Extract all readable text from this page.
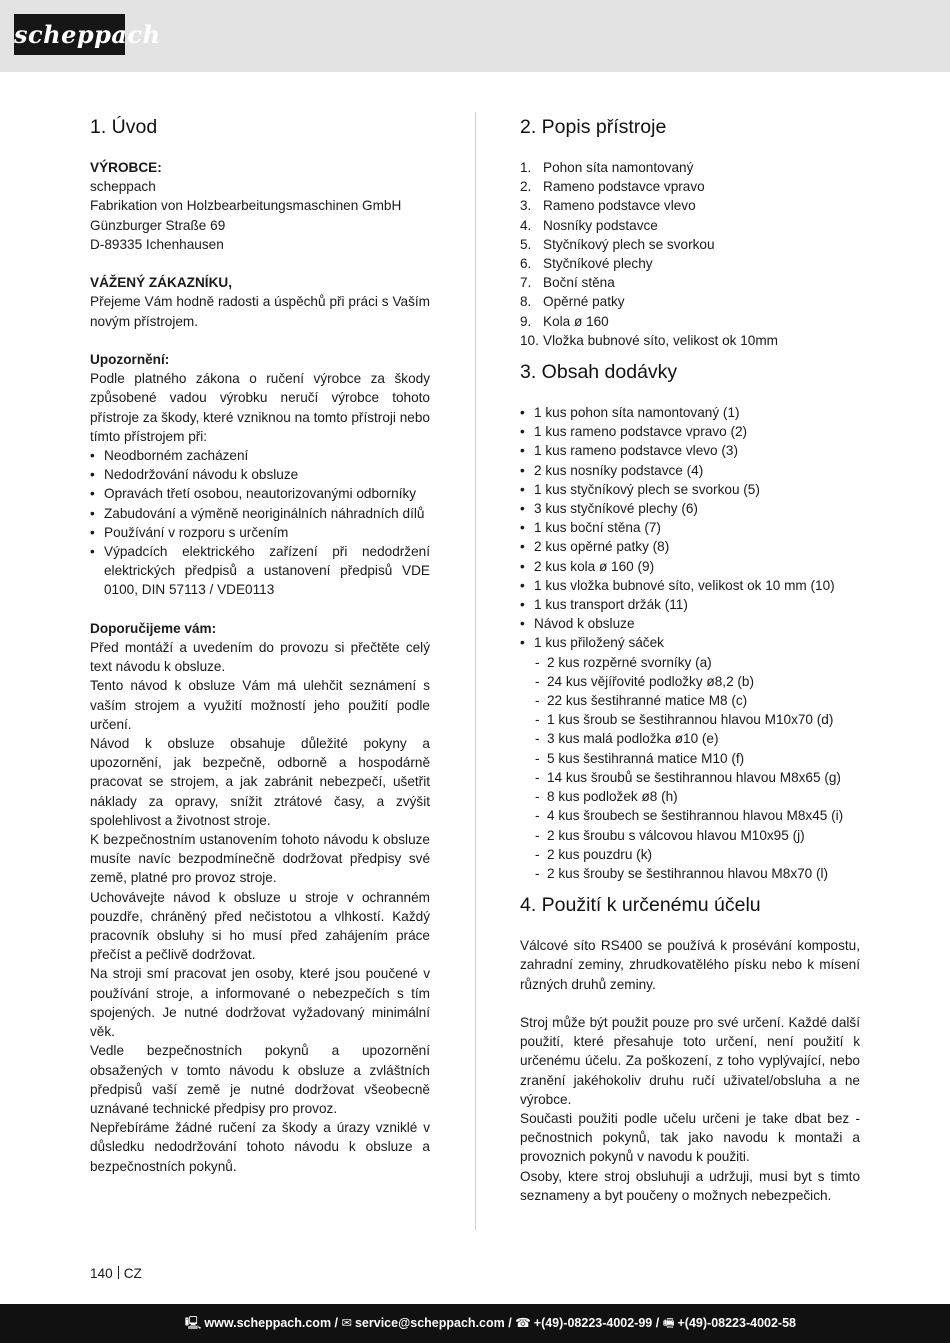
scheppach
1. Úvod

VÝROBCE:

scheppach

Fabrikation von Holzbearbeitungsmaschinen GmbH

Günzburger Straße 69

D-89335 Ichenhausen

VÁŽENÝ ZÁKAZNÍKU,

Přejeme Vám hodně radosti a úspěchů při práci s Vaším novým přístrojem.

Upozornění:

Podle platného zákona o ručení výrobce za škody způsobené vadou výrobku neručí výrobce tohoto přístroje za škody, které vzniknou na tomto přístroji nebo tímto přístrojem při:

• Neodborném zacházení
• Nedodržování návodu k obsluze
• Opravách třetí osobou, neautorizovanými odborníky
• Zabudování a výměně neoriginálních náhradních dílů
• Používání v rozporu s určením
• Výpadcích elektrického zařízení při nedodržení elektrických předpisů a ustanovení předpisů VDE 0100, DIN 57113 / VDE0113

Doporučijeme vám:

Před montáží a uvedením do provozu si přečtěte celý text návodu k obsluze.

Tento návod k obsluze Vám má ulehčit seznámení s vaším strojem a využití možností jeho použití podle určení.

Návod k obsluze obsahuje důležité pokyny a upozornění, jak bezpečně, odborně a hospodárně pracovat se strojem, a jak zabránit nebezpečí, ušetřit náklady za opravy, snížit ztrátové časy, a zvýšit spolehlivost a životnost stroje.

K bezpečnostním ustanovením tohoto návodu k obsluze musíte navíc bezpodmínečně dodržovat předpisy své země, platné pro provoz stroje.

Uchovávejte návod k obsluze u stroje v ochranném pouzdře, chráněný před nečistotou a vlhkostí. Každý pracovník obsluhy si ho musí před zahájením práce přečíst a pečlivě dodržovat.

Na stroji smí pracovat jen osoby, které jsou poučené v používání stroje, a informované o nebezpečích s tím spojených. Je nutné dodržovat vyžadovaný minimální věk.

Vedle bezpečnostních pokynů a upozornění obsažených v tomto návodu k obsluze a zvláštních předpisů vaší země je nutné dodržovat všeobecně uznávané technické předpisy pro provoz.

Nepřebíráme žádné ručení za škody a úrazy vzniklé v důsledku nedodržování tohoto návodu k obsluze a bezpečnostních pokynů.

2. Popis přístroje
1. Pohon síta namontovaný
2. Rameno podstavce vpravo
3. Rameno podstavce vlevo
4. Nosníky podstavce
5. Styčníkový plech se svorkou
6. Styčníkové plechy
7. Boční stěna
8. Opěrné patky
9. Kola ø 160
10. Vložka bubnové síto, velikost ok 10mm
3. Obsah dodávky
• 1 kus pohon síta namontovaný (1)
• 1 kus rameno podstavce vpravo (2)
• 1 kus rameno podstavce vlevo (3)
• 2 kus nosníky podstavce (4)
• 1 kus styčníkový plech se svorkou (5)
• 3 kus styčníkové plechy (6)
• 1 kus boční stěna (7)
• 2 kus opěrné patky (8)
• 2 kus kola ø 160 (9)
• 1 kus vložka bubnové síto, velikost ok 10 mm (10)
• 1 kus transport držák (11)
• Návod k obsluze
• 1 kus přiložený sáček
- 2 kus rozpěrné svorníky (a)
- 24 kus vějířovité podložky ø8,2 (b)
- 22 kus šestihranné matice M8 (c)
- 1 kus šroub se šestihrannou hlavou M10x70 (d)
- 3 kus malá podložka ø10 (e)
- 5 kus šestihranná matice M10 (f)
- 14 kus šroubů se šestihrannou hlavou M8x65 (g)
- 8 kus podložek ø8 (h)
- 4 kus šroubech se šestihrannou hlavou M8x45 (i)
- 2 kus šroubu s válcovou hlavou M10x95 (j)
- 2 kus pouzdru (k)
- 2 kus šrouby se šestihrannou hlavou M8x70 (l)
4. Použití k určenému účelu

Válcové síto RS400 se používá k prosévání kompostu, zahradní zeminy, zhrudkovatělého písku nebo k mísení různých druhů zeminy.

Stroj může být použit pouze pro své určení. Každé další použití, které přesahuje toto určení, není použití k určenému účelu. Za poškození, z toho vyplývající, nebo zranění jakéhokoliv druhu ručí uživatel/obsluha a ne výrobce.

Současti použiti podle učelu určeni je take dbat bez - pečnostnich pokynů, tak jako navodu k montaži a provoznich pokynů v navodu k použiti.

Osoby, ktere stroj obsluhuji a udržuji, musi byt s timto seznameny a byt poučeny o možnych nebezpečich.

140 CZ
🖳 www.scheppach.com / ✉ service@scheppach.com / ☎ +(49)-08223-4002-99 / 🖷 +(49)-08223-4002-58
